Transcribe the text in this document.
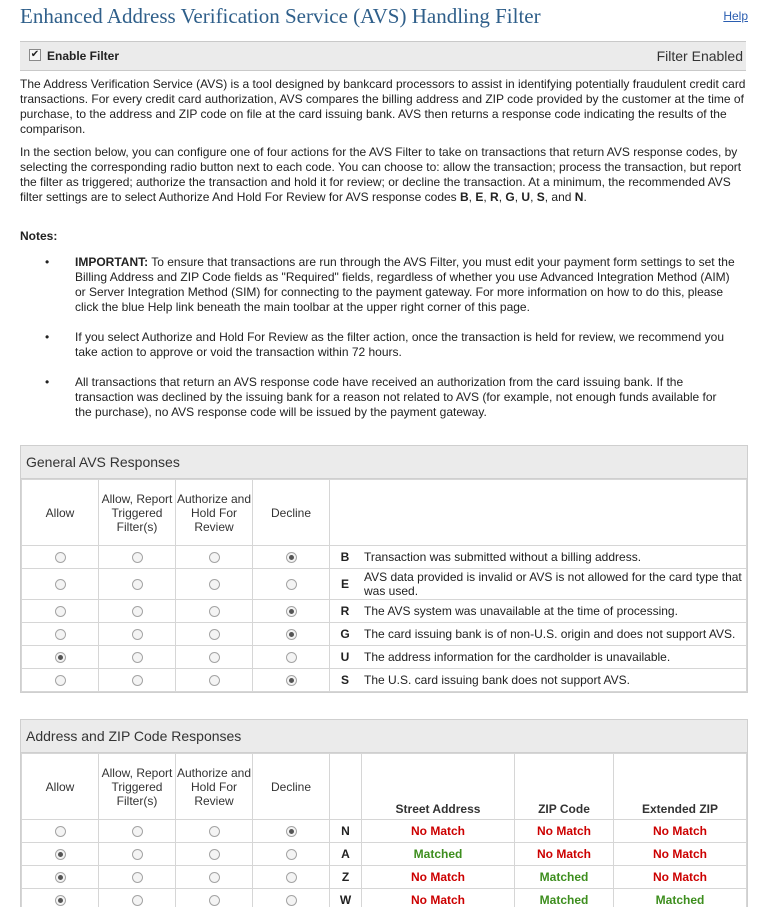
Enhanced Address Verification Service (AVS) Handling Filter	Help
✔ Enable Filter	Filter Enabled

The Address Verification Service (AVS) is a tool designed by bankcard processors to assist in identifying potentially fraudulent credit card transactions. For every credit card authorization, AVS compares the billing address and ZIP code provided by the customer at the time of purchase, to the address and ZIP code on file at the card issuing bank. AVS then returns a response code indicating the results of the comparison.

In the section below, you can configure one of four actions for the AVS Filter to take on transactions that return AVS response codes, by selecting the corresponding radio button next to each code. You can choose to: allow the transaction; process the transaction, but report the filter as triggered; authorize the transaction and hold it for review; or decline the transaction. At a minimum, the recommended AVS filter settings are to select Authorize And Hold For Review for AVS response codes B, E, R, G, U, S, and N.

Notes:
• IMPORTANT: To ensure that transactions are run through the AVS Filter, you must edit your payment form settings to set the Billing Address and ZIP Code fields as "Required" fields, regardless of whether you use Advanced Integration Method (AIM) or Server Integration Method (SIM) for connecting to the payment gateway. For more information on how to do this, please click the blue Help link beneath the main toolbar at the upper right corner of this page.
• If you select Authorize and Hold For Review as the filter action, once the transaction is held for review, we recommend you take action to approve or void the transaction within 72 hours.
• All transactions that return an AVS response code have received an authorization from the card issuing bank. If the transaction was declined by the issuing bank for a reason not related to AVS (for example, not enough funds available for the purchase), no AVS response code will be issued by the payment gateway.
General AVS Responses
Allow	Allow, Report Triggered Filter(s)	Authorize and Hold For Review	Decline		
				B	Transaction was submitted without a billing address.
				E	AVS data provided is invalid or AVS is not allowed for the card type that was used.
				R	The AVS system was unavailable at the time of processing.
				G	The card issuing bank is of non-U.S. origin and does not support AVS.
				U	The address information for the cardholder is unavailable.
				S	The U.S. card issuing bank does not support AVS.
Address and ZIP Code Responses
Allow	Allow, Report Triggered Filter(s)	Authorize and Hold For Review	Decline		Street Address	ZIP Code	Extended ZIP
				N	No Match	No Match	No Match
				A	Matched	No Match	No Match
				Z	No Match	Matched	No Match
				W	No Match	Matched	Matched
